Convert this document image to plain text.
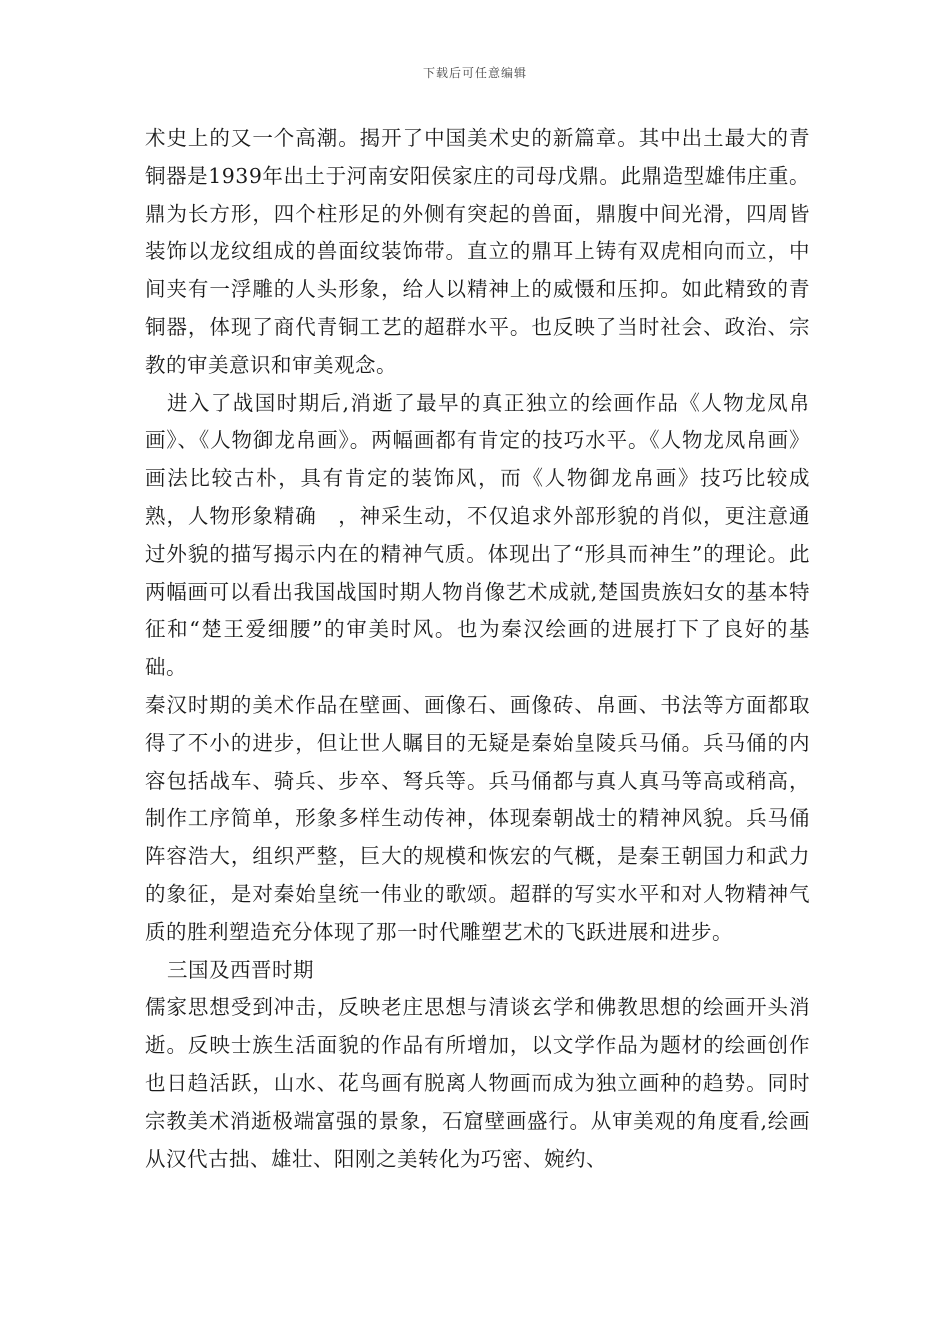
下载后可任意编辑

术史上的又一个高潮。揭开了中国美术史的新篇章。其中出土最大的青铜器是1939年出土于河南安阳侯家庄的司母戊鼎。此鼎造型雄伟庄重。鼎为长方形，四个柱形足的外侧有突起的兽面，鼎腹中间光滑，四周皆装饰以龙纹组成的兽面纹装饰带。直立的鼎耳上铸有双虎相向而立，中间夹有一浮雕的人头形象，给人以精神上的威慑和压抑。如此精致的青铜器，体现了商代青铜工艺的超群水平。也反映了当时社会、政治、宗教的审美意识和审美观念。

进入了战国时期后,消逝了最早的真正独立的绘画作品《人物龙凤帛画》、《人物御龙帛画》。两幅画都有肯定的技巧水平。《人物龙凤帛画》画法比较古朴，具有肯定的装饰风，而《人物御龙帛画》技巧比较成熟，人物形象精确　，神采生动，不仅追求外部形貌的肖似，更注意通过外貌的描写揭示内在的精神气质。体现出了“形具而神生”的理论。此两幅画可以看出我国战国时期人物肖像艺术成就,楚国贵族妇女的基本特征和“楚王爱细腰”的审美时风。也为秦汉绘画的进展打下了良好的基础。

秦汉时期的美术作品在壁画、画像石、画像砖、帛画、书法等方面都取得了不小的进步，但让世人瞩目的无疑是秦始皇陵兵马俑。兵马俑的内容包括战车、骑兵、步卒、弩兵等。兵马俑都与真人真马等高或稍高，制作工序简单，形象多样生动传神，体现秦朝战士的精神风貌。兵马俑阵容浩大，组织严整，巨大的规模和恢宏的气概，是秦王朝国力和武力的象征，是对秦始皇统一伟业的歌颂。超群的写实水平和对人物精神气质的胜利塑造充分体现了那一时代雕塑艺术的飞跃进展和进步。

三国及西晋时期

儒家思想受到冲击，反映老庄思想与清谈玄学和佛教思想的绘画开头消逝。反映士族生活面貌的作品有所增加，以文学作品为题材的绘画创作也日趋活跃，山水、花鸟画有脱离人物画而成为独立画种的趋势。同时宗教美术消逝极端富强的景象，石窟壁画盛行。从审美观的角度看,绘画从汉代古拙、雄壮、阳刚之美转化为巧密、婉约、
